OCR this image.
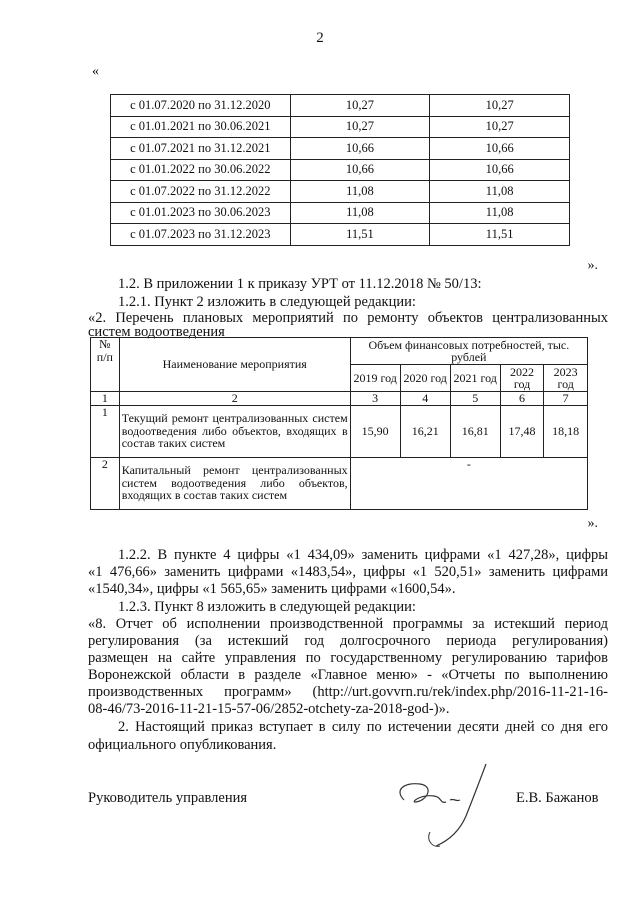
2
«
с 01.07.2020 по 31.12.2020	10,27	10,27
с 01.01.2021 по 30.06.2021	10,27	10,27
с 01.07.2021 по 31.12.2021	10,66	10,66
с 01.01.2022 по 30.06.2022	10,66	10,66
с 01.07.2022 по 31.12.2022	11,08	11,08
с 01.01.2023 по 30.06.2023	11,08	11,08
с 01.07.2023 по 31.12.2023	11,51	11,51
».
1.2. В приложении 1 к приказу УРТ от 11.12.2018 № 50/13:
1.2.1. Пункт 2 изложить в следующей редакции:
«2. Перечень плановых мероприятий по ремонту объектов централизованных
систем водоотведения
№ п/п	Наименование мероприятия	Объем финансовых потребностей, тыс. рублей				
		2019 год	2020 год	2021 год	2022 год	2023 год
1	2	3	4	5	6	7
1	Текущий ремонт централизованных систем водоотведения либо объектов, входящих в состав таких систем	15,90	16,21	16,81	17,48	18,18
2	Капитальный ремонт централизованных систем водоотведения либо объектов, входящих в состав таких систем	-				
».
1.2.2. В пункте 4 цифры «1 434,09» заменить цифрами «1 427,28», цифры
«1 476,66» заменить цифрами «1483,54», цифры «1 520,51» заменить цифрами
«1540,34», цифры «1 565,65» заменить цифрами «1600,54».
1.2.3. Пункт 8 изложить в следующей редакции:
«8. Отчет об исполнении производственной программы за истекший период
регулирования (за истекший год долгосрочного периода регулирования)
размещен на сайте управления по государственному регулированию тарифов
Воронежской области в разделе «Главное меню» - «Отчеты по выполнению
производственных программ» (http://urt.govvrn.ru/rek/index.php/2016-11-21-16-
08-46/73-2016-11-21-15-57-06/2852-otchety-za-2018-god-)».
2. Настоящий приказ вступает в силу по истечении десяти дней со дня его
официального опубликования.
Руководитель управления	Е.В. Бажанов
